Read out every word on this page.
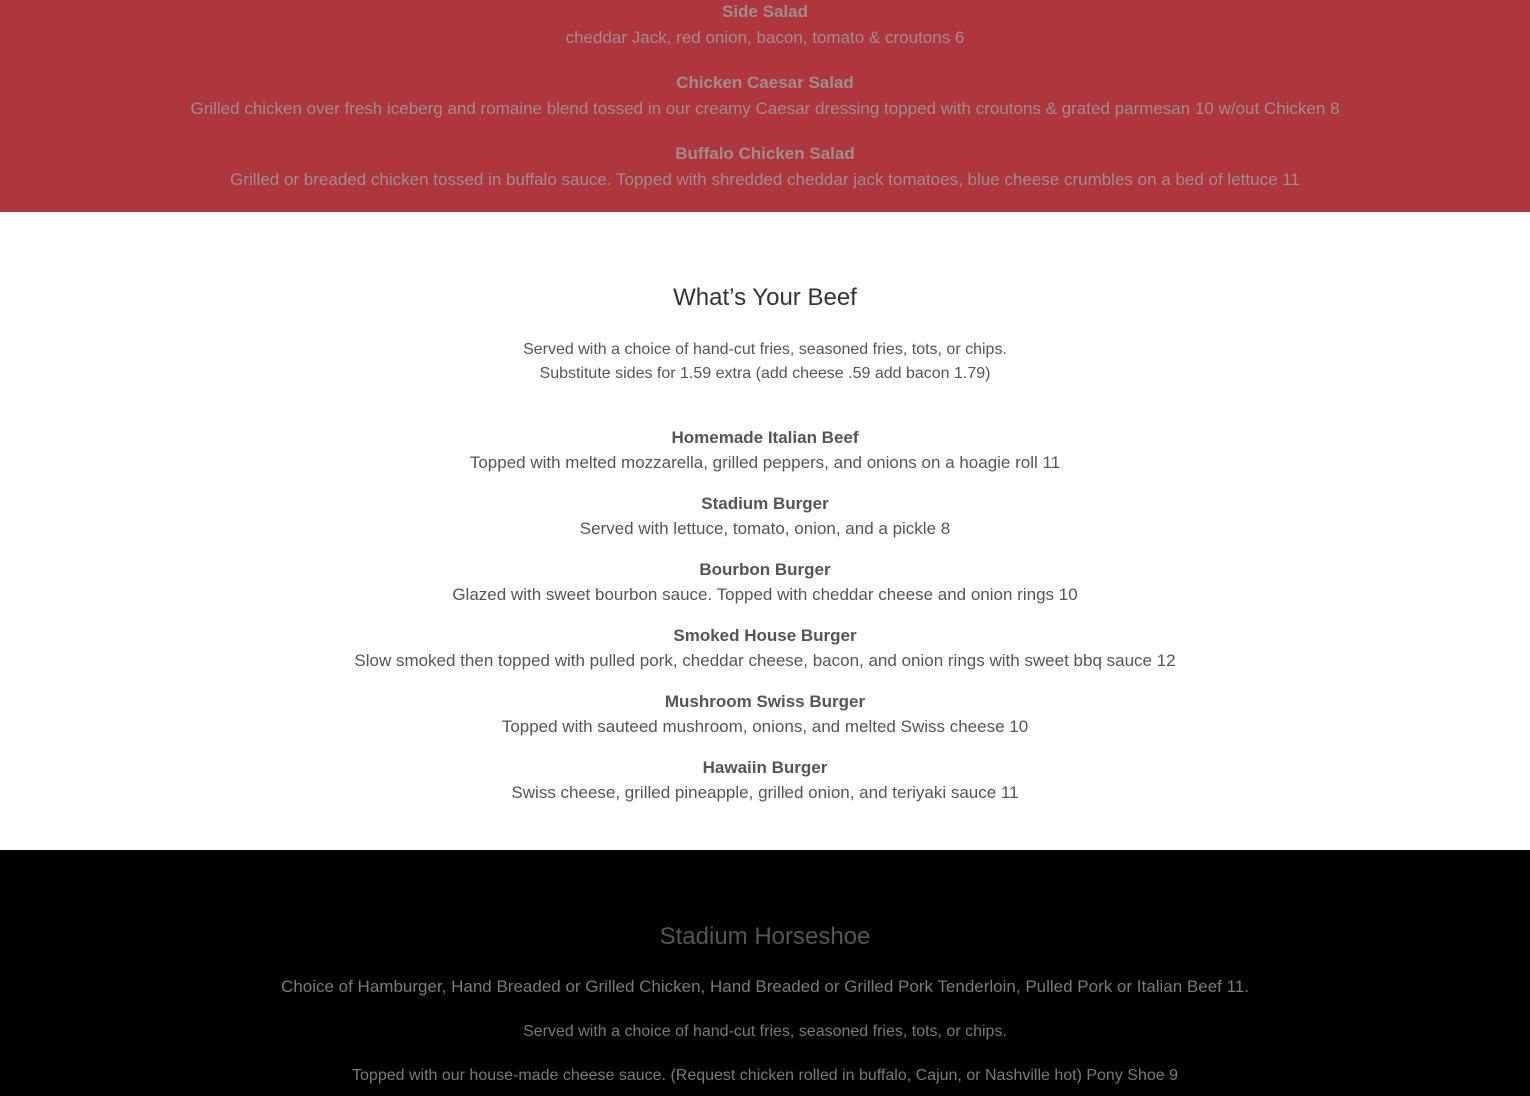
Side Salad

cheddar Jack, red onion, bacon, tomato & croutons 6

Chicken Caesar Salad

Grilled chicken over fresh iceberg and romaine blend tossed in our creamy Caesar dressing topped with croutons & grated parmesan 10 w/out Chicken 8

Buffalo Chicken Salad

Grilled or breaded chicken tossed in buffalo sauce. Topped with shredded cheddar jack tomatoes, blue cheese crumbles on a bed of lettuce 11

What’s Your Beef
Served with a choice of hand-cut fries, seasoned fries, tots, or chips.
Substitute sides for 1.59 extra (add cheese .59 add bacon 1.79)

Homemade Italian Beef

Topped with melted mozzarella, grilled peppers, and onions on a hoagie roll 11

Stadium Burger

Served with lettuce, tomato, onion, and a pickle 8

Bourbon Burger

Glazed with sweet bourbon sauce. Topped with cheddar cheese and onion rings 10

Smoked House Burger

Slow smoked then topped with pulled pork, cheddar cheese, bacon, and onion rings with sweet bbq sauce 12

Mushroom Swiss Burger

Topped with sauteed mushroom, onions, and melted Swiss cheese 10

Hawaiin Burger

Swiss cheese, grilled pineapple, grilled onion, and teriyaki sauce 11

Stadium Horseshoe

Choice of Hamburger, Hand Breaded or Grilled Chicken, Hand Breaded or Grilled Pork Tenderloin, Pulled Pork or Italian Beef 11.

Served with a choice of hand-cut fries, seasoned fries, tots, or chips.

Topped with our house-made cheese sauce. (Request chicken rolled in buffalo, Cajun, or Nashville hot) Pony Shoe 9
